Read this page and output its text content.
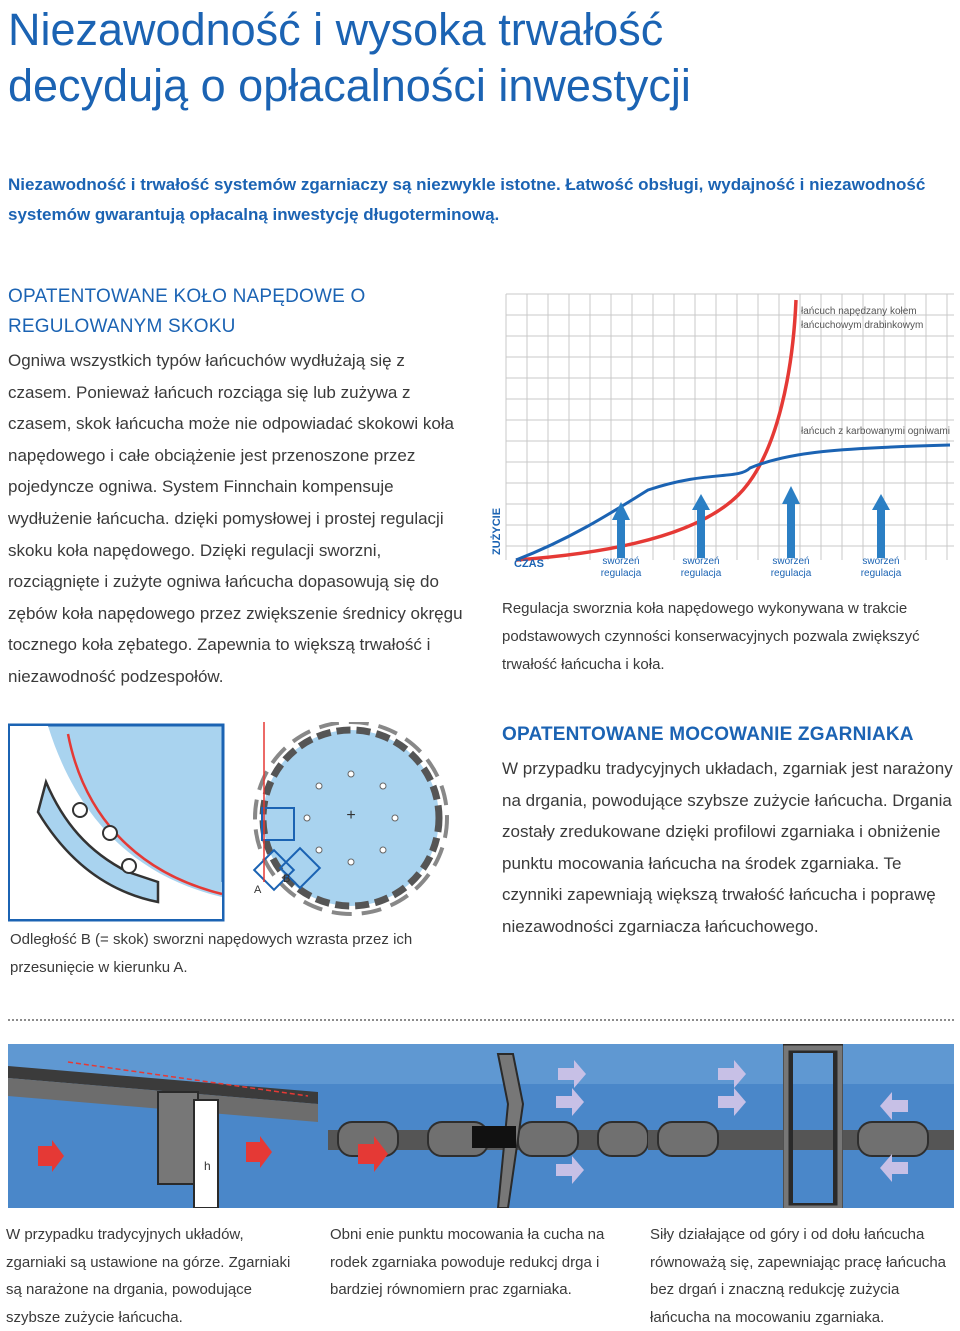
Niezawodność i wysoka trwałość
decydują o opłacalności inwestycji
Niezawodność i trwałość systemów zgarniaczy są niezwykle istotne. Łatwość obsługi, wydajność i niezawodność systemów gwarantują opłacalną inwestycję długoterminową.
OPATENTOWANE KOŁO NAPĘDOWE O
REGULOWANYM SKOKU
Ogniwa wszystkich typów łańcuchów wydłużają się z czasem. Ponieważ łańcuch rozciąga się lub zużywa z czasem, skok łańcucha może nie odpowiadać skokowi koła napędowego i całe obciążenie jest przenoszone przez pojedyncze ogniwa. System Finnchain kompensuje wydłużenie łańcucha. dzięki pomysłowej i prostej regulacji skoku koła napędowego. Dzięki regulacji sworzni, rozciągnięte i zużyte ogniwa łańcucha dopasowują się do zębów koła napędowego przez zwiększenie średnicy okręgu tocznego koła zębatego. Zapewnia to większą trwałość i niezawodność podzespołów.
ZUŻYCIE
CZAS
łańcuch napędzany kołem
łańcuchowym drabinkowym
łańcuch z karbowanymi ogniwami
sworzeń
regulacja
sworzeń
regulacja
sworzeń
regulacja
sworzeń
regulacja
Regulacja sworznia koła napędowego wykonywana w trakcie podstawowych czynności konserwacyjnych pozwala zwiększyć trwałość łańcucha i koła.
+
A
B
Odległość B (= skok) sworzni napędowych wzrasta przez ich przesunięcie w kierunku A.
OPATENTOWANE MOCOWANIE ZGARNIAKA
W przypadku tradycyjnych układach, zgarniak jest narażony na drgania, powodujące szybsze zużycie łańcucha. Drgania zostały zredukowane dzięki profilowi zgarniaka i obniżenie punktu mocowania łańcucha na środek zgarniaka. Te czynniki zapewniają większą trwałość łańcucha i poprawę niezawodności zgarniacza łańcuchowego.
h
W przypadku tradycyjnych układów, zgarniaki są ustawione na górze. Zgarniaki są narażone na drgania, powodujące szybsze zużycie łańcucha.
Obni enie punktu mocowania ła cucha na rodek zgarniaka powoduje redukcj drga i bardziej równomiern prac zgarniaka.
Siły działające od góry i od dołu łańcucha równoważą się, zapewniając pracę łańcucha bez drgań i znaczną redukcję zużycia łańcucha na mocowaniu zgarniaka.
